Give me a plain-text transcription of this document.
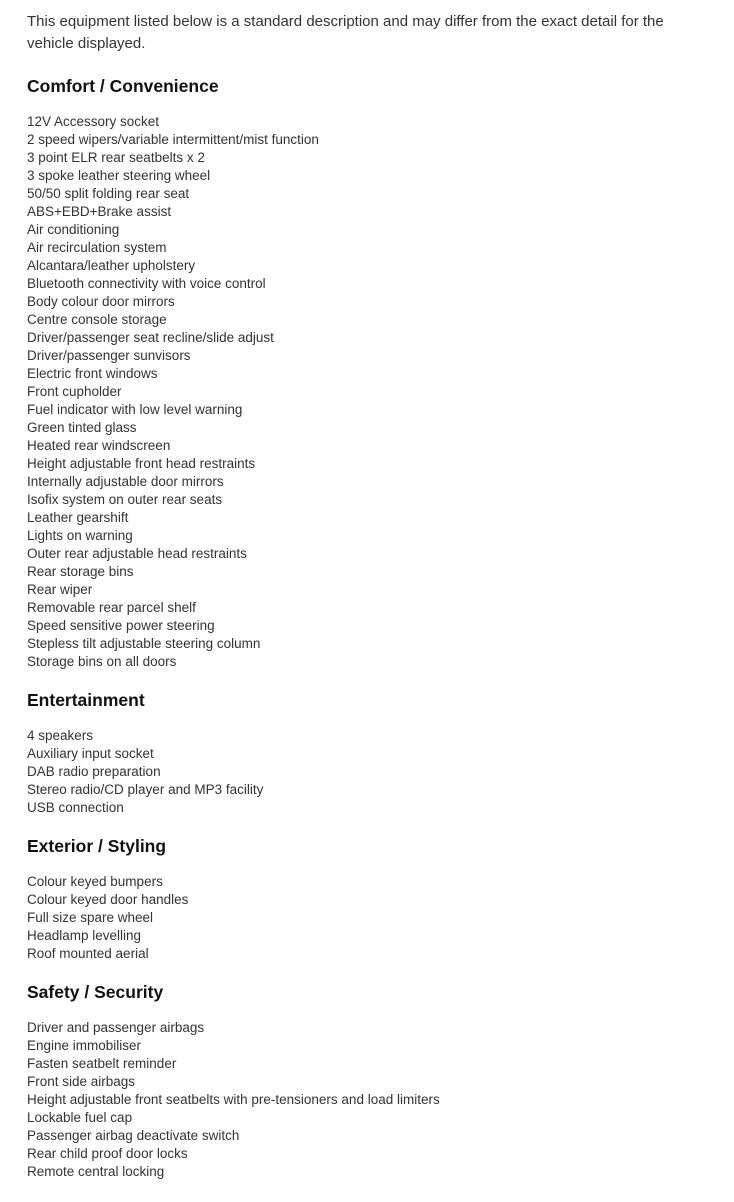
This equipment listed below is a standard description and may differ from the exact detail for the vehicle displayed.

Comfort / Convenience
12V Accessory socket
2 speed wipers/variable intermittent/mist function
3 point ELR rear seatbelts x 2
3 spoke leather steering wheel
50/50 split folding rear seat
ABS+EBD+Brake assist
Air conditioning
Air recirculation system
Alcantara/leather upholstery
Bluetooth connectivity with voice control
Body colour door mirrors
Centre console storage
Driver/passenger seat recline/slide adjust
Driver/passenger sunvisors
Electric front windows
Front cupholder
Fuel indicator with low level warning
Green tinted glass
Heated rear windscreen
Height adjustable front head restraints
Internally adjustable door mirrors
Isofix system on outer rear seats
Leather gearshift
Lights on warning
Outer rear adjustable head restraints
Rear storage bins
Rear wiper
Removable rear parcel shelf
Speed sensitive power steering
Stepless tilt adjustable steering column
Storage bins on all doors
Entertainment
4 speakers
Auxiliary input socket
DAB radio preparation
Stereo radio/CD player and MP3 facility
USB connection
Exterior / Styling
Colour keyed bumpers
Colour keyed door handles
Full size spare wheel
Headlamp levelling
Roof mounted aerial
Safety / Security
Driver and passenger airbags
Engine immobiliser
Fasten seatbelt reminder
Front side airbags
Height adjustable front seatbelts with pre-tensioners and load limiters
Lockable fuel cap
Passenger airbag deactivate switch
Rear child proof door locks
Remote central locking
